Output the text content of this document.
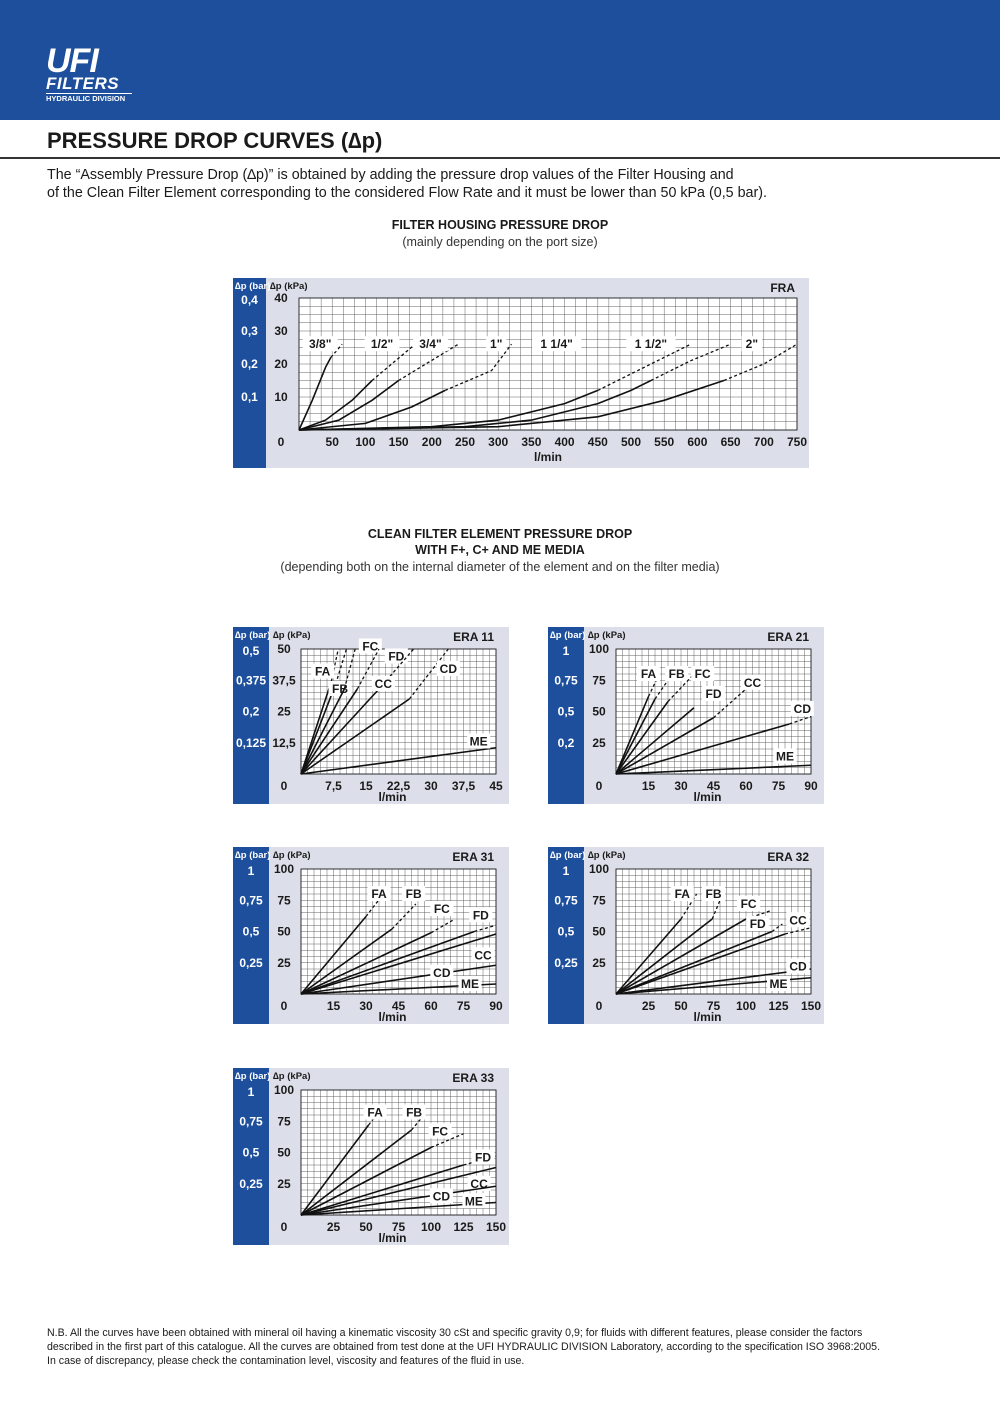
UFI
FILTERS
HYDRAULIC DIVISION
PRESSURE DROP CURVES (∆p)
The “Assembly Pressure Drop (∆p)” is obtained by adding the pressure drop values of the Filter Housing and
of the Clean Filter Element corresponding to the considered Flow Rate and it must be lower than 50 kPa (0,5 bar).
FILTER HOUSING PRESSURE DROP
(mainly depending on the port size)
CLEAN FILTER ELEMENT PRESSURE DROP
WITH F+, C+ AND ME MEDIA
(depending both on the internal diameter of the element and on the filter media)
∆p (bar) ∆p (kPa)	FRA
0
10
20
30
40
0,1
0,2
0,3
0,4
50 100 150 200 250 300 350 400 450 500 550 600 650 700 750
l/min
3/8"	1/2" 3/4"	1"	1 1/4"	1 1/2"	2"
∆p (bar) ∆p (kPa)	ERA 11
0
12,5
25
37,5
50
0,125
0,2
0,375
0,5
7,5 15 22,5 30 37,5 45
l/min
FA
FB
FC
FD
CC
CD
ME
∆p (bar) ∆p (kPa)	ERA 21
0
25
50
75
100
0,2
0,5
0,75
1
15 30 45 60 75 90
l/min
FA FB FC
FD
CC
CD
ME
∆p (bar) ∆p (kPa)	ERA 31
0
25
50
75
100
0,25
0,5
0,75
1
15 30 45 60 75 90
l/min
FA FB
FC FD
CC
CD
ME
∆p (bar) ∆p (kPa)	ERA 32
0
25
50
75
100
0,25
0,5
0,75
1
25 50 75 100 125 150
l/min
FA FB
FC
FD CC
CD
ME
∆p (bar) ∆p (kPa)	ERA 33
0
25
50
75
100
0,25
0,5
0,75
1
25 50 75 100 125 150
l/min
FA FB
FC
FD
CC
CD ME
N.B. All the curves have been obtained with mineral oil having a kinematic viscosity 30 cSt and specific gravity 0,9; for fluids with different features, please consider the factors
described in the first part of this catalogue. All the curves are obtained from test done at the UFI HYDRAULIC DIVISION Laboratory, according to the specification ISO 3968:2005.
In case of discrepancy, please check the contamination level, viscosity and features of the fluid in use.
